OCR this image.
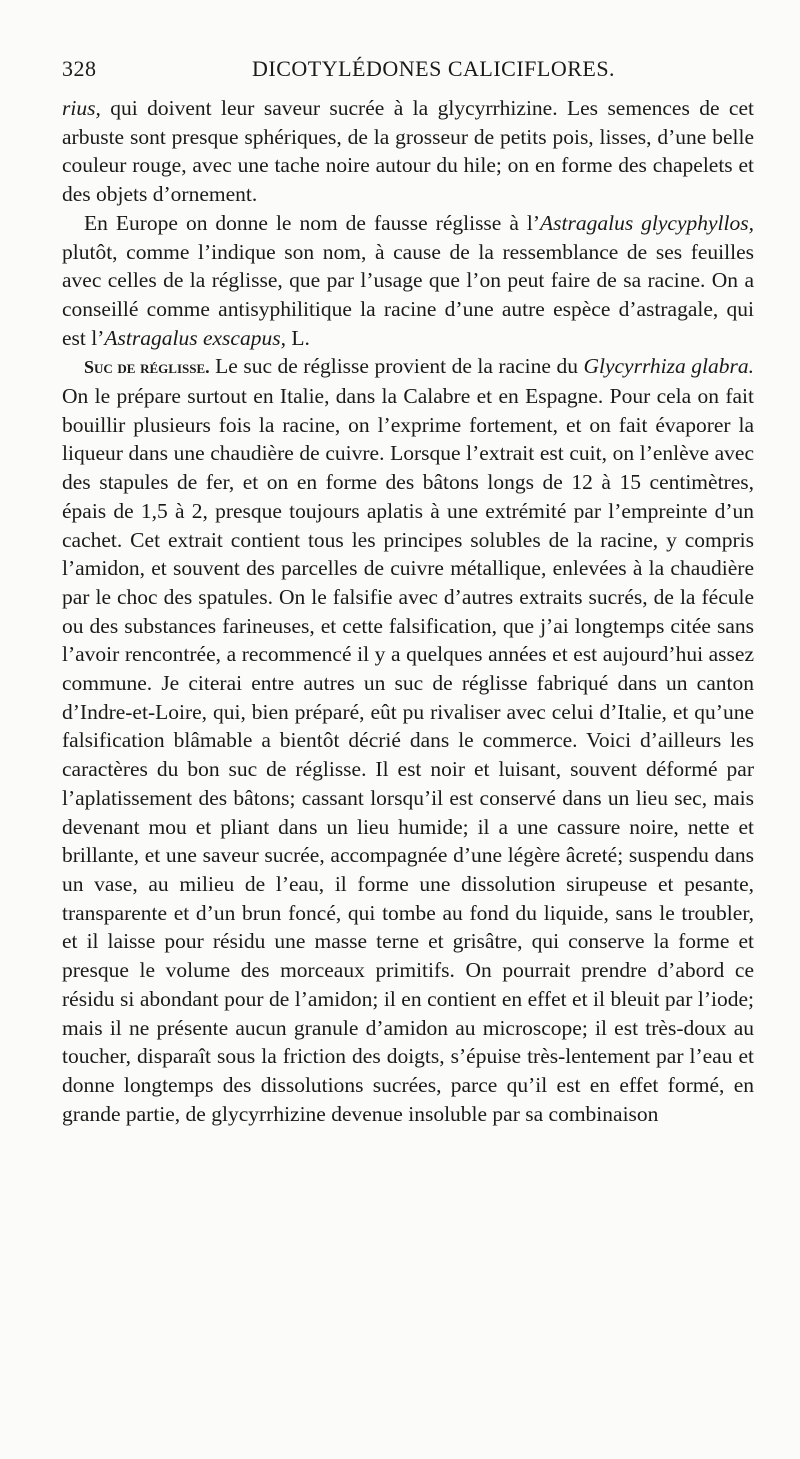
328	DICOTYLÉDONES CALICIFLORES.

rius, qui doivent leur saveur sucrée à la glycyrrhizine. Les semences de cet arbuste sont presque sphériques, de la grosseur de petits pois, lisses, d’une belle couleur rouge, avec une tache noire autour du hile; on en forme des chapelets et des objets d’ornement.

En Europe on donne le nom de fausse réglisse à l’Astragalus glycyphyllos, plutôt, comme l’indique son nom, à cause de la ressemblance de ses feuilles avec celles de la réglisse, que par l’usage que l’on peut faire de sa racine. On a conseillé comme antisyphilitique la racine d’une autre espèce d’astragale, qui est l’Astragalus exscapus, L.

Suc de réglisse. Le suc de réglisse provient de la racine du Glycyrrhiza glabra. On le prépare surtout en Italie, dans la Calabre et en Espagne. Pour cela on fait bouillir plusieurs fois la racine, on l’exprime fortement, et on fait évaporer la liqueur dans une chaudière de cuivre. Lorsque l’extrait est cuit, on l’enlève avec des stapules de fer, et on en forme des bâtons longs de 12 à 15 centimètres, épais de 1,5 à 2, presque toujours aplatis à une extrémité par l’empreinte d’un cachet. Cet extrait contient tous les principes solubles de la racine, y compris l’amidon, et souvent des parcelles de cuivre métallique, enlevées à la chaudière par le choc des spatules. On le falsifie avec d’autres extraits sucrés, de la fécule ou des substances farineuses, et cette falsification, que j’ai longtemps citée sans l’avoir rencontrée, a recommencé il y a quelques années et est aujourd’hui assez commune. Je citerai entre autres un suc de réglisse fabriqué dans un canton d’Indre-et-Loire, qui, bien préparé, eût pu rivaliser avec celui d’Italie, et qu’une falsification blâmable a bientôt décrié dans le commerce. Voici d’ailleurs les caractères du bon suc de réglisse. Il est noir et luisant, souvent déformé par l’aplatissement des bâtons; cassant lorsqu’il est conservé dans un lieu sec, mais devenant mou et pliant dans un lieu humide; il a une cassure noire, nette et brillante, et une saveur sucrée, accompagnée d’une légère âcreté; suspendu dans un vase, au milieu de l’eau, il forme une dissolution sirupeuse et pesante, transparente et d’un brun foncé, qui tombe au fond du liquide, sans le troubler, et il laisse pour résidu une masse terne et grisâtre, qui conserve la forme et presque le volume des morceaux primitifs. On pourrait prendre d’abord ce résidu si abondant pour de l’amidon; il en contient en effet et il bleuit par l’iode; mais il ne présente aucun granule d’amidon au microscope; il est très-doux au toucher, disparaît sous la friction des doigts, s’épuise très-lentement par l’eau et donne longtemps des dissolutions sucrées, parce qu’il est en effet formé, en grande partie, de glycyrrhizine devenue insoluble par sa combinaison
